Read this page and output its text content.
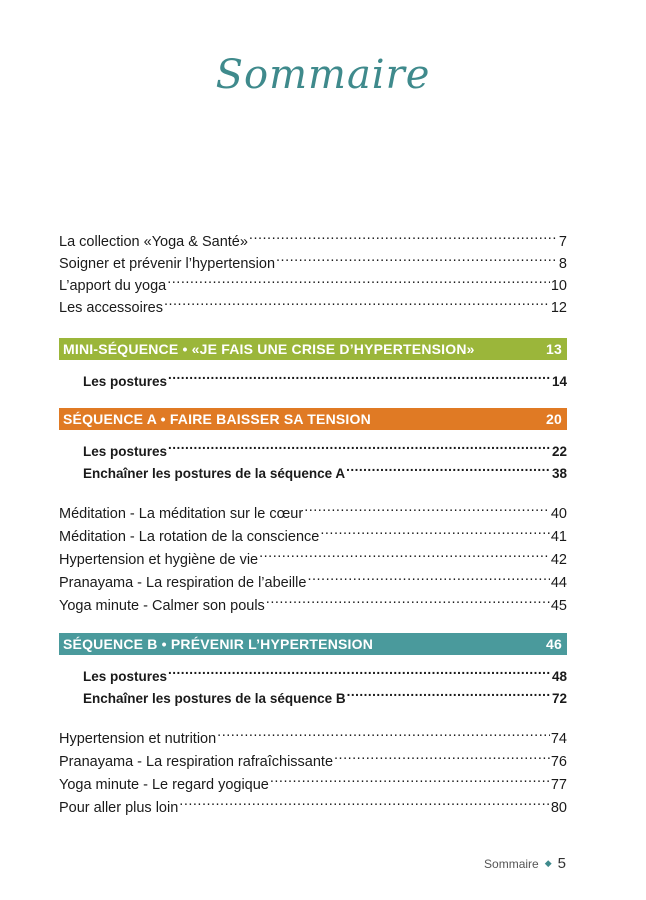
Sommaire
La collection «Yoga & Santé» .....	7
Soigner et prévenir l’hypertension .....	8
L’apport du yoga .....	10
Les accessoires .....	12
MINI-SÉQUENCE • «JE FAIS UNE CRISE D’HYPERTENSION»	13
Les postures .....	14
SÉQUENCE A • FAIRE BAISSER SA TENSION	20
Les postures .....	22
Enchaîner les postures de la séquence A .....	38
Méditation - La méditation sur le cœur .....	40
Méditation - La rotation de la conscience .....	41
Hypertension et hygiène de vie .....	42
Pranayama - La respiration de l’abeille .....	44
Yoga minute - Calmer son pouls .....	45
SÉQUENCE B • PRÉVENIR L’HYPERTENSION	46
Les postures .....	48
Enchaîner les postures de la séquence B .....	72
Hypertension et nutrition .....	74
Pranayama - La respiration rafraîchissante .....	76
Yoga minute - Le regard yogique .....	77
Pour aller plus loin .....	80
Sommaire ◆ 5
